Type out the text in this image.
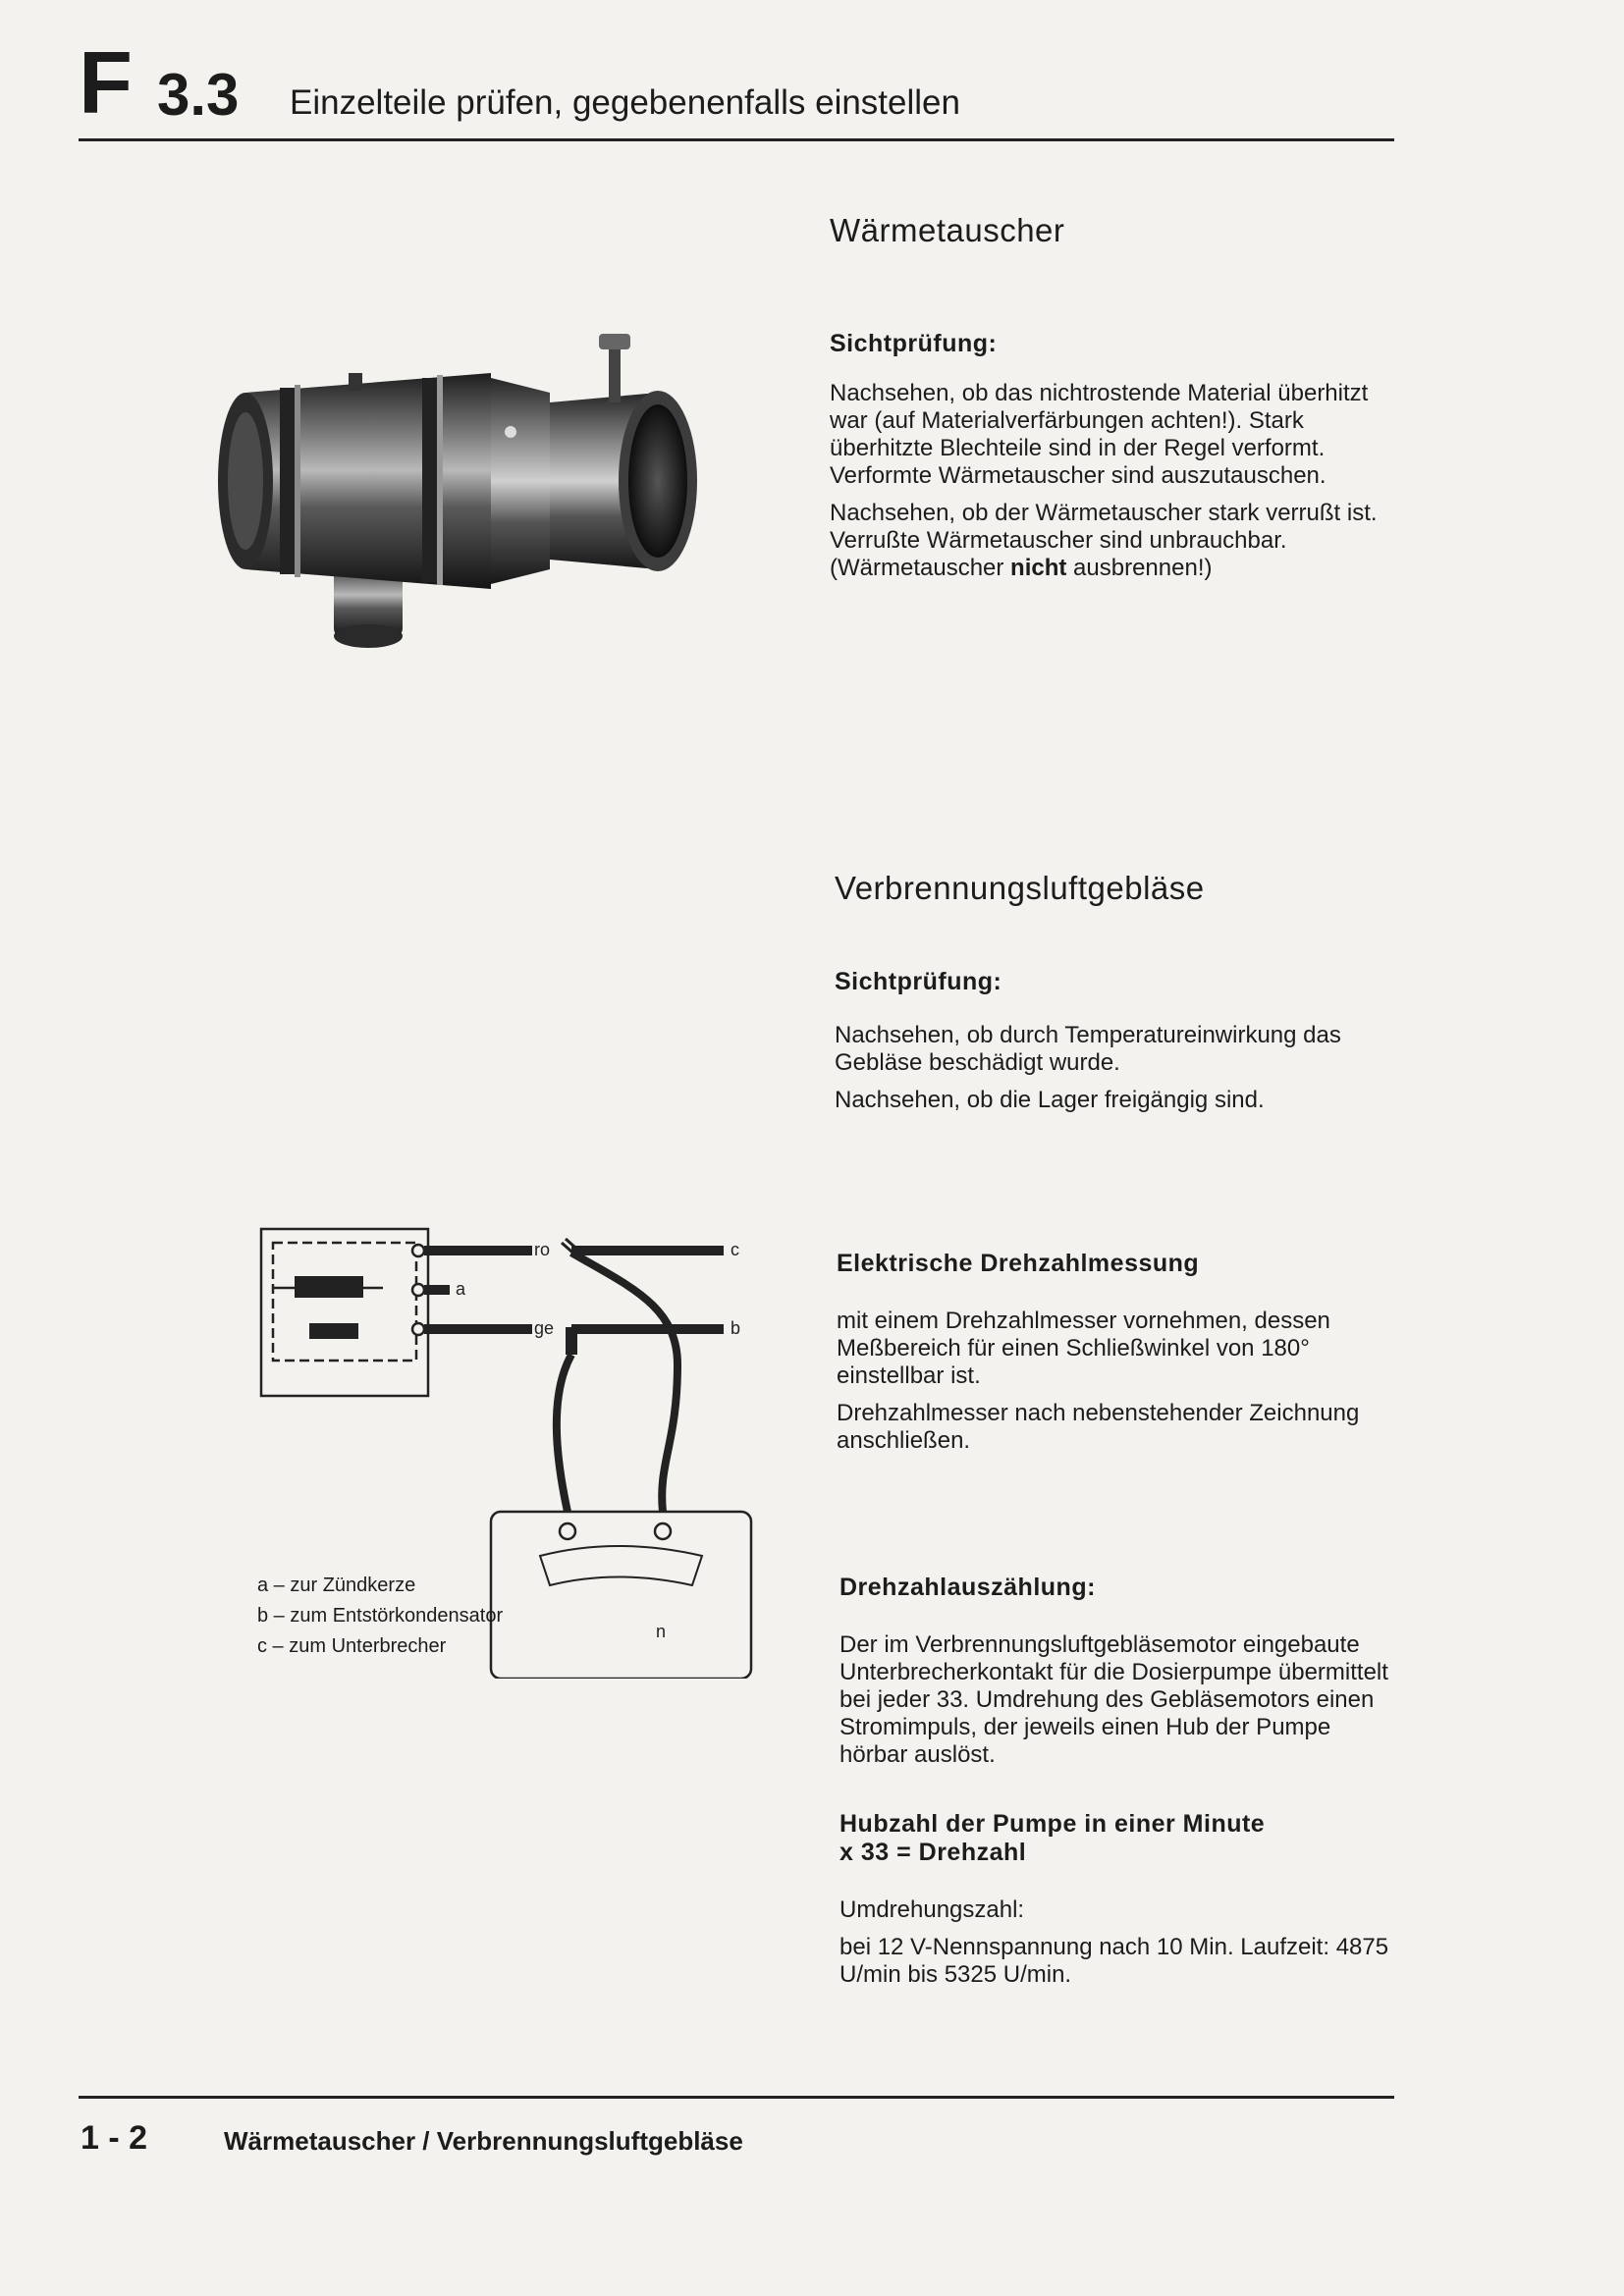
F 3.3 Einzelteile prüfen, gegebenenfalls einstellen
Wärmetauscher
Sichtprüfung:

Nachsehen, ob das nichtrostende Material überhitzt war (auf Materialverfärbungen achten!). Stark überhitzte Blechteile sind in der Regel verformt. Verformte Wärmetauscher sind auszutauschen.

Nachsehen, ob der Wärmetauscher stark verrußt ist. Verrußte Wärmetauscher sind unbrauchbar. (Wärmetauscher nicht ausbrennen!)

Verbrennungsluftgebläse
Sichtprüfung:

Nachsehen, ob durch Temperatureinwirkung das Gebläse beschädigt wurde.

Nachsehen, ob die Lager freigängig sind.

ro
ge
a
c
b
n
a – zur Zündkerze
b – zum Entstörkondensator
c – zum Unterbrecher
Elektrische Drehzahlmessung

mit einem Drehzahlmesser vornehmen, dessen Meßbereich für einen Schließwinkel von 180° einstellbar ist.

Drehzahlmesser nach nebenstehender Zeichnung anschließen.

Drehzahlauszählung:

Der im Verbrennungsluftgebläsemotor eingebaute Unterbrecherkontakt für die Dosierpumpe übermittelt bei jeder 33. Umdrehung des Gebläsemotors einen Stromimpuls, der jeweils einen Hub der Pumpe hörbar auslöst.

Hubzahl der Pumpe in einer Minute
x 33 = Drehzahl

Umdrehungszahl:

bei 12 V-Nennspannung nach 10 Min. Laufzeit: 4875 U/min bis 5325 U/min.

1 - 2	Wärmetauscher / Verbrennungsluftgebläse
